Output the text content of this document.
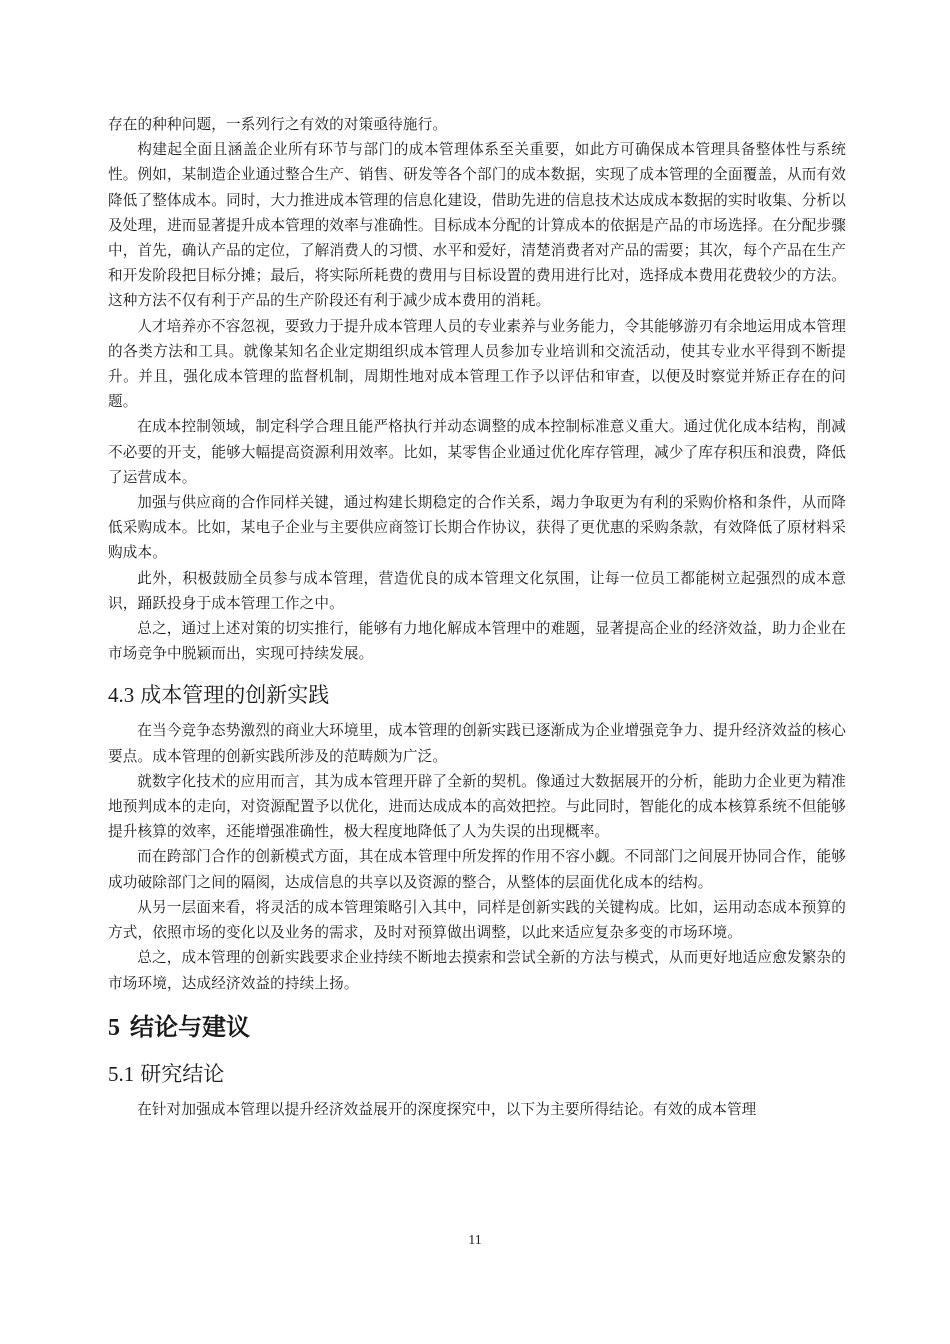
存在的种种问题，一系列行之有效的对策亟待施行。

构建起全面且涵盖企业所有环节与部门的成本管理体系至关重要，如此方可确保成本管理具备整体性与系统性。例如，某制造企业通过整合生产、销售、研发等各个部门的成本数据，实现了成本管理的全面覆盖，从而有效降低了整体成本。同时，大力推进成本管理的信息化建设，借助先进的信息技术达成成本数据的实时收集、分析以及处理，进而显著提升成本管理的效率与准确性。目标成本分配的计算成本的依据是产品的市场选择。在分配步骤中，首先，确认产品的定位，了解消费人的习惯、水平和爱好，清楚消费者对产品的需要；其次，每个产品在生产和开发阶段把目标分摊；最后，将实际所耗费的费用与目标设置的费用进行比对，选择成本费用花费较少的方法。这种方法不仅有利于产品的生产阶段还有利于减少成本费用的消耗。

人才培养亦不容忽视，要致力于提升成本管理人员的专业素养与业务能力，令其能够游刃有余地运用成本管理的各类方法和工具。就像某知名企业定期组织成本管理人员参加专业培训和交流活动，使其专业水平得到不断提升。并且，强化成本管理的监督机制，周期性地对成本管理工作予以评估和审查，以便及时察觉并矫正存在的问题。

在成本控制领域，制定科学合理且能严格执行并动态调整的成本控制标准意义重大。通过优化成本结构，削减不必要的开支，能够大幅提高资源利用效率。比如，某零售企业通过优化库存管理，减少了库存积压和浪费，降低了运营成本。

加强与供应商的合作同样关键，通过构建长期稳定的合作关系，竭力争取更为有利的采购价格和条件，从而降低采购成本。比如，某电子企业与主要供应商签订长期合作协议，获得了更优惠的采购条款，有效降低了原材料采购成本。

此外，积极鼓励全员参与成本管理，营造优良的成本管理文化氛围，让每一位员工都能树立起强烈的成本意识，踊跃投身于成本管理工作之中。

总之，通过上述对策的切实推行，能够有力地化解成本管理中的难题，显著提高企业的经济效益，助力企业在市场竞争中脱颖而出，实现可持续发展。

4.3 成本管理的创新实践

在当今竞争态势激烈的商业大环境里，成本管理的创新实践已逐渐成为企业增强竞争力、提升经济效益的核心要点。成本管理的创新实践所涉及的范畴颇为广泛。

就数字化技术的应用而言，其为成本管理开辟了全新的契机。像通过大数据展开的分析，能助力企业更为精准地预判成本的走向，对资源配置予以优化，进而达成成本的高效把控。与此同时，智能化的成本核算系统不但能够提升核算的效率，还能增强准确性，极大程度地降低了人为失误的出现概率。

而在跨部门合作的创新模式方面，其在成本管理中所发挥的作用不容小觑。不同部门之间展开协同合作，能够成功破除部门之间的隔阂，达成信息的共享以及资源的整合，从整体的层面优化成本的结构。

从另一层面来看，将灵活的成本管理策略引入其中，同样是创新实践的关键构成。比如，运用动态成本预算的方式，依照市场的变化以及业务的需求，及时对预算做出调整，以此来适应复杂多变的市场环境。

总之，成本管理的创新实践要求企业持续不断地去摸索和尝试全新的方法与模式，从而更好地适应愈发繁杂的市场环境，达成经济效益的持续上扬。

5 结论与建议
5.1 研究结论

在针对加强成本管理以提升经济效益展开的深度探究中，以下为主要所得结论。有效的成本管理

11
